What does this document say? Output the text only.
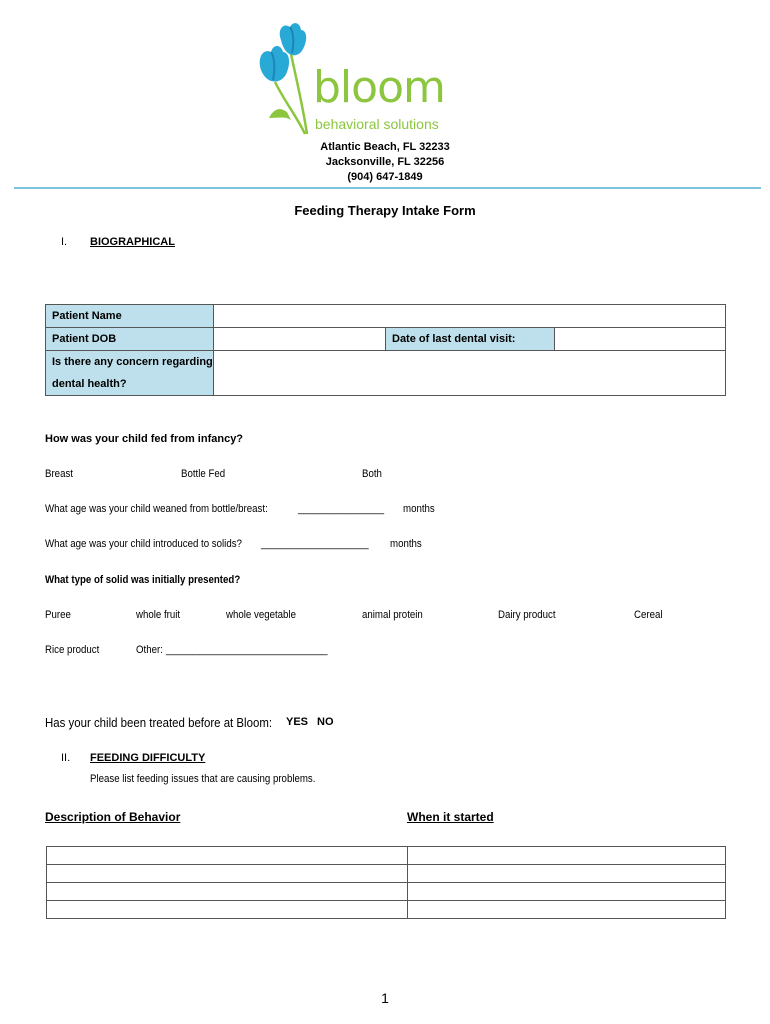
bloom
behavioral solutions
Atlantic Beach, FL 32233
Jacksonville, FL 32256
(904) 647-1849
Feeding Therapy Intake Form
I. BIOGRAPHICAL
Patient Name			
Patient DOB		Date of last dental visit:	

Is there any concern regarding
dental health?			

How was your child fed from infancy?
Breast	Bottle Fed	Both
What age was your child weaned from bottle/breast:	________________ months
What age was your child introduced to solids? ____________________ months
What type of solid was initially presented?
Puree	whole fruit	whole vegetable	animal protein	Dairy product	Cereal
Rice product	Other: ______________________________
Has your child been treated before at Bloom: YES NO
II. FEEDING DIFFICULTY
Please list feeding issues that are causing problems.
Description of Behavior	When it started

1
